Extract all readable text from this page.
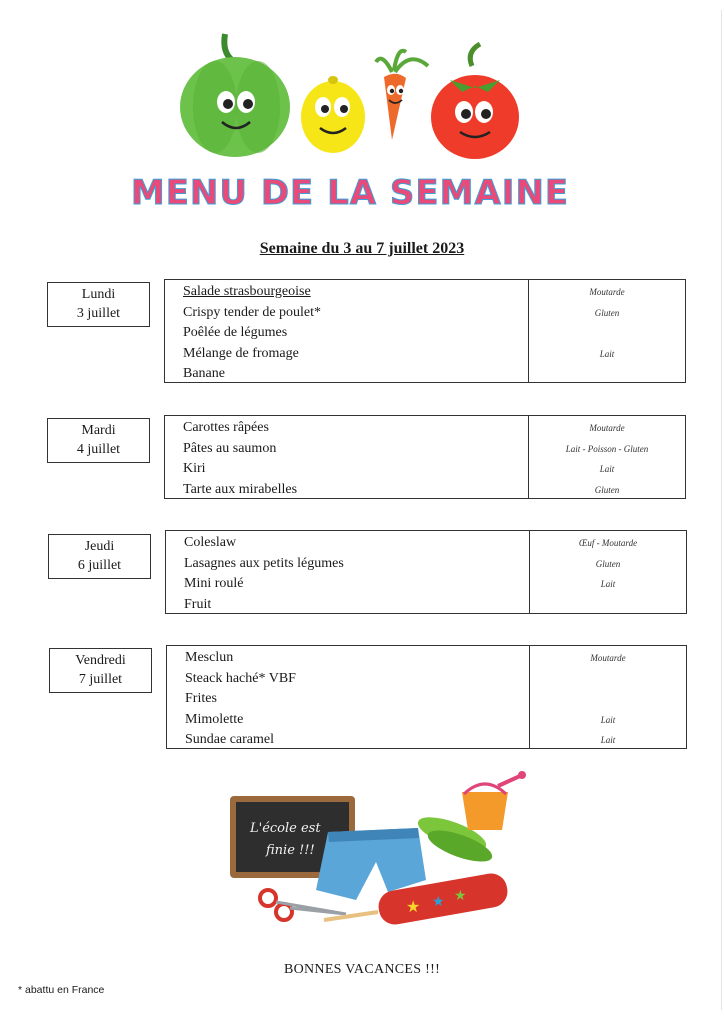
MENU DE LA SEMAINE
Semaine du 3 au 7 juillet 2023
Lundi
3 juillet
Salade strasbourgeoise
Crispy tender de poulet*
Poêlée de légumes
Mélange de fromage
Banane
Moutarde
Gluten
Lait
Mardi
4 juillet
Carottes râpées
Pâtes au saumon
Kiri
Tarte aux mirabelles
Moutarde
Lait - Poisson - Gluten
Lait
Gluten
Jeudi
6 juillet
Coleslaw
Lasagnes aux petits légumes
Mini roulé
Fruit
Œuf - Moutarde
Gluten
Lait
Vendredi
7 juillet
Mesclun
Steack haché* VBF
Frites
Mimolette
Sundae caramel
Moutarde
Lait
Lait
L'école est
finie !!!
★ ★ ★
BONNES VACANCES !!!
* abattu en France
